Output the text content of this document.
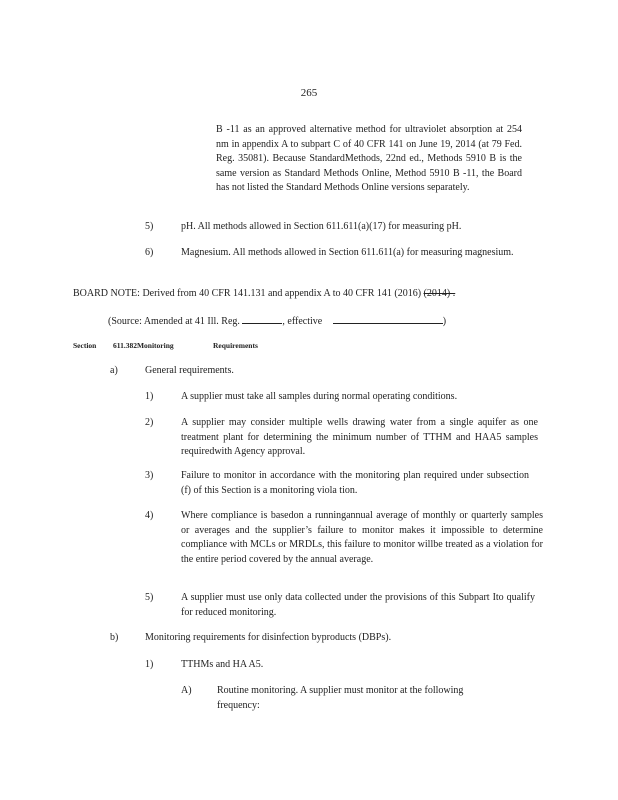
265
B -11 as an approved alternative method for ultraviolet absorption at 254 nm in appendix A to subpart C of 40 CFR 141 on June 19, 2014 (at 79 Fed. Reg. 35081). Because StandardMethods, 22nd ed., Methods 5910 B is the same version as Standard Methods Online, Method 5910 B -11, the Board has not listed the Standard Methods Online versions separately.
5)	pH. All methods allowed in Section 611.611(a)(17) for measuring pH.
6)	Magnesium. All methods allowed in Section 611.611(a) for measuring magnesium.
BOARD NOTE: Derived from 40 CFR 141.131 and appendix A to 40 CFR 141 (2016) (2014) .
(Source: Amended at 41 Ill. Reg.	, effective	)
Section 611.382Monitoring	Requirements
a)	General requirements.
1)	A supplier must take all samples during normal operating conditions.
2)	A supplier may consider multiple wells drawing water from a single aquifer as one treatment plant for determining the minimum number of TTHM and HAA5 samples requiredwith Agency approval.
3)	Failure to monitor in accordance with the monitoring plan required under subsection (f) of this Section is a monitoring viola tion.
4)	Where compliance is basedon a runningannual average of monthly or quarterly samples or averages and the supplier’s failure to monitor makes it impossible to determine compliance with MCLs or MRDLs, this failure to monitor willbe treated as a violation for the entire period covered by the annual average.
5)	A supplier must use only data collected under the provisions of this Subpart Ito qualify for reduced monitoring.
b)	Monitoring requirements for disinfection byproducts (DBPs).
1)	TTHMs and HA A5.
A)	Routine monitoring. A supplier must monitor at the following frequency:
